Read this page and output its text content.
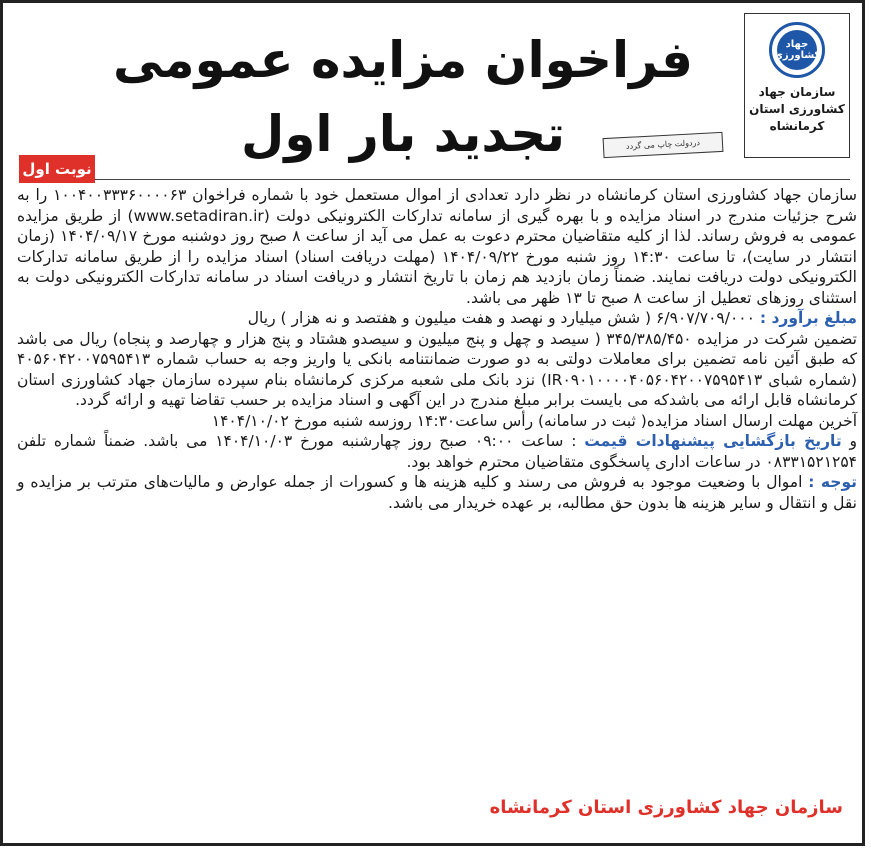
جهاد کشاورزی
سازمان جهاد
کشاورزی استان
کرمانشاه
فراخوان مزایده عمومی
تجدید بار اول	دردولت چاپ می گردد
نوبت اول

سازمان جهاد کشاورزی استان کرمانشاه در نظر دارد تعدادی از اموال مستعمل خود با شماره فراخوان ۱۰۰۴۰۰۳۳۳۶۰۰۰۰۶۳ را به شرح جزئیات مندرج در اسناد مزایده و با بهره گیری از سامانه تدارکات الکترونیکی دولت (www.setadiran.ir) از طریق مزایده عمومی به فروش رساند. لذا از کلیه متقاضیان محترم دعوت به عمل می آید از ساعت ۸ صبح روز دوشنبه مورخ ۱۴۰۴/۰۹/۱۷ (زمان انتشار در سایت)، تا ساعت ۱۴:۳۰ روز شنبه مورخ ۱۴۰۴/۰۹/۲۲ (مهلت دریافت اسناد) اسناد مزایده را از طریق سامانه تدارکات الکترونیکی دولت دریافت نمایند. ضمناً زمان بازدید هم زمان با تاریخ انتشار و دریافت اسناد در سامانه تدارکات الکترونیکی دولت به استثنای روزهای تعطیل از ساعت ۸ صبح تا ۱۳ ظهر می باشد.

مبلغ برآورد : ۶/۹۰۷/۷۰۹/۰۰۰ ( شش میلیارد و نهصد و هفت میلیون و هفتصد و نه هزار ) ریال

تضمین شرکت در مزایده ۳۴۵/۳۸۵/۴۵۰ ( سیصد و چهل و پنج میلیون و سیصدو هشتاد و پنج هزار و چهارصد و پنجاه) ریال می باشد که طبق آئین نامه تضمین برای معاملات دولتی به دو صورت ضمانتنامه بانکی یا واریز وجه به حساب شماره ۴۰۵۶۰۴۲۰۰۷۵۹۵۴۱۳ (شماره شبای IR۰۹۰۱۰۰۰۰۴۰۵۶۰۴۲۰۰۷۵۹۵۴۱۳) نزد بانک ملی شعبه مرکزی کرمانشاه بنام سپرده سازمان جهاد کشاورزی استان کرمانشاه قابل ارائه می باشدکه می بایست برابر مبلغ مندرج در این آگهی و اسناد مزایده بر حسب تقاضا تهیه و ارائه گردد.

آخرین مهلت ارسال اسناد مزایده( ثبت در سامانه) رأس ساعت۱۴:۳۰ روزسه شنبه مورخ ۱۴۰۴/۱۰/۰۲

و تاریخ بازگشایی پیشنهادات قیمت : ساعت ۰۹:۰۰ صبح روز چهارشنبه مورخ ۱۴۰۴/۱۰/۰۳ می باشد. ضمناً شماره تلفن ۰۸۳۳۱۵۲۱۲۵۴ در ساعات اداری پاسخگوی متقاضیان محترم خواهد بود.

توجه : اموال با وضعیت موجود به فروش می رسند و کلیه هزینه ها و کسورات از جمله عوارض و مالیات‌های مترتب بر مزایده و نقل و انتقال و سایر هزینه ها بدون حق مطالبه، بر عهده خریدار می باشد.

سازمان جهاد کشاورزی استان کرمانشاه
